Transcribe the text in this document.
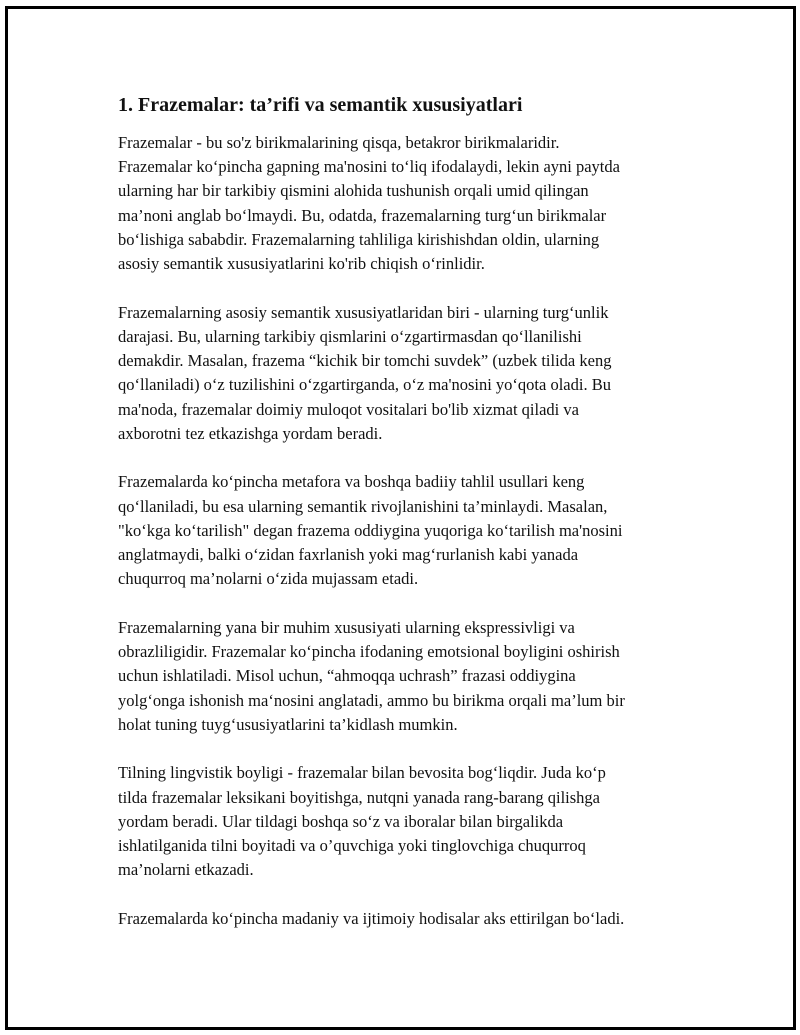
1. Frazemalar: ta’rifi va semantik xususiyatlari

Frazemalar - bu so'z birikmalarining qisqa, betakror birikmalaridir.
Frazemalar ko‘pincha gapning ma'nosini to‘liq ifodalaydi, lekin ayni paytda
ularning har bir tarkibiy qismini alohida tushunish orqali umid qilingan
ma’noni anglab bo‘lmaydi. Bu, odatda, frazemalarning turg‘un birikmalar
bo‘lishiga sababdir. Frazemalarning tahliliga kirishishdan oldin, ularning
asosiy semantik xususiyatlarini ko'rib chiqish o‘rinlidir.

Frazemalarning asosiy semantik xususiyatlaridan biri - ularning turg‘unlik
darajasi. Bu, ularning tarkibiy qismlarini o‘zgartirmasdan qo‘llanilishi
demakdir. Masalan, frazema “kichik bir tomchi suvdek” (uzbek tilida keng
qo‘llaniladi) o‘z tuzilishini o‘zgartirganda, o‘z ma'nosini yo‘qota oladi. Bu
ma'noda, frazemalar doimiy muloqot vositalari bo'lib xizmat qiladi va
axborotni tez etkazishga yordam beradi.

Frazemalarda ko‘pincha metafora va boshqa badiiy tahlil usullari keng
qo‘llaniladi, bu esa ularning semantik rivojlanishini ta’minlaydi. Masalan,
"ko‘kga ko‘tarilish" degan frazema oddiygina yuqoriga ko‘tarilish ma'nosini
anglatmaydi, balki o‘zidan faxrlanish yoki mag‘rurlanish kabi yanada
chuqurroq ma’nolarni o‘zida mujassam etadi.

Frazemalarning yana bir muhim xususiyati ularning ekspressivligi va
obrazliligidir. Frazemalar ko‘pincha ifodaning emotsional boyligini oshirish
uchun ishlatiladi. Misol uchun, “ahmoqqa uchrash” frazasi oddiygina
yolg‘onga ishonish ma‘nosini anglatadi, ammo bu birikma orqali ma’lum bir
holat tuning tuyg‘ususiyatlarini ta’kidlash mumkin.

Tilning lingvistik boyligi - frazemalar bilan bevosita bog‘liqdir. Juda ko‘p
tilda frazemalar leksikani boyitishga, nutqni yanada rang-barang qilishga
yordam beradi. Ular tildagi boshqa so‘z va iboralar bilan birgalikda
ishlatilganida tilni boyitadi va o’quvchiga yoki tinglovchiga chuqurroq
ma’nolarni etkazadi.

Frazemalarda ko‘pincha madaniy va ijtimoiy hodisalar aks ettirilgan bo‘ladi.
